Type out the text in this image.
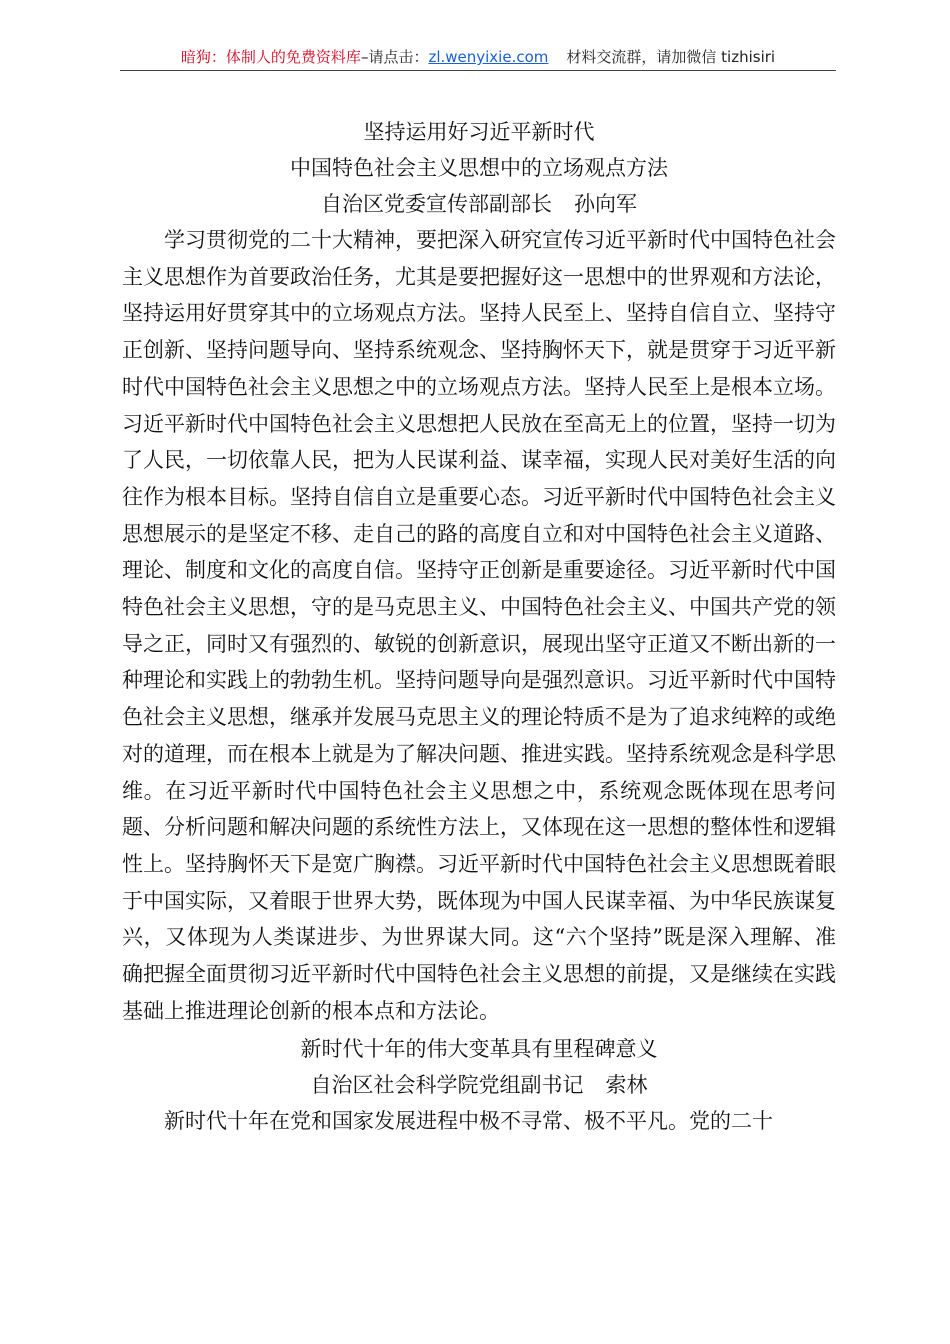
暗狗：体制人的免费资料库–请点击：zl.wenyixie.com 材料交流群，请加微信 tizhisiri
坚持运用好习近平新时代
中国特色社会主义思想中的立场观点方法
自治区党委宣传部副部长 孙向军

学习贯彻党的二十大精神，要把深入研究宣传习近平新时代中国特色社会主义思想作为首要政治任务，尤其是要把握好这一思想中的世界观和方法论，坚持运用好贯穿其中的立场观点方法。坚持人民至上、坚持自信自立、坚持守正创新、坚持问题导向、坚持系统观念、坚持胸怀天下，就是贯穿于习近平新时代中国特色社会主义思想之中的立场观点方法。坚持人民至上是根本立场。习近平新时代中国特色社会主义思想把人民放在至高无上的位置，坚持一切为了人民，一切依靠人民，把为人民谋利益、谋幸福，实现人民对美好生活的向往作为根本目标。坚持自信自立是重要心态。习近平新时代中国特色社会主义思想展示的是坚定不移、走自己的路的高度自立和对中国特色社会主义道路、理论、制度和文化的高度自信。坚持守正创新是重要途径。习近平新时代中国特色社会主义思想，守的是马克思主义、中国特色社会主义、中国共产党的领导之正，同时又有强烈的、敏锐的创新意识，展现出坚守正道又不断出新的一种理论和实践上的勃勃生机。坚持问题导向是强烈意识。习近平新时代中国特色社会主义思想，继承并发展马克思主义的理论特质不是为了追求纯粹的或绝对的道理，而在根本上就是为了解决问题、推进实践。坚持系统观念是科学思维。在习近平新时代中国特色社会主义思想之中，系统观念既体现在思考问题、分析问题和解决问题的系统性方法上，又体现在这一思想的整体性和逻辑性上。坚持胸怀天下是宽广胸襟。习近平新时代中国特色社会主义思想既着眼于中国实际，又着眼于世界大势，既体现为中国人民谋幸福、为中华民族谋复兴，又体现为人类谋进步、为世界谋大同。这“六个坚持”既是深入理解、准确把握全面贯彻习近平新时代中国特色社会主义思想的前提，又是继续在实践基础上推进理论创新的根本点和方法论。

新时代十年的伟大变革具有里程碑意义
自治区社会科学院党组副书记 索林

新时代十年在党和国家发展进程中极不寻常、极不平凡。党的二十
